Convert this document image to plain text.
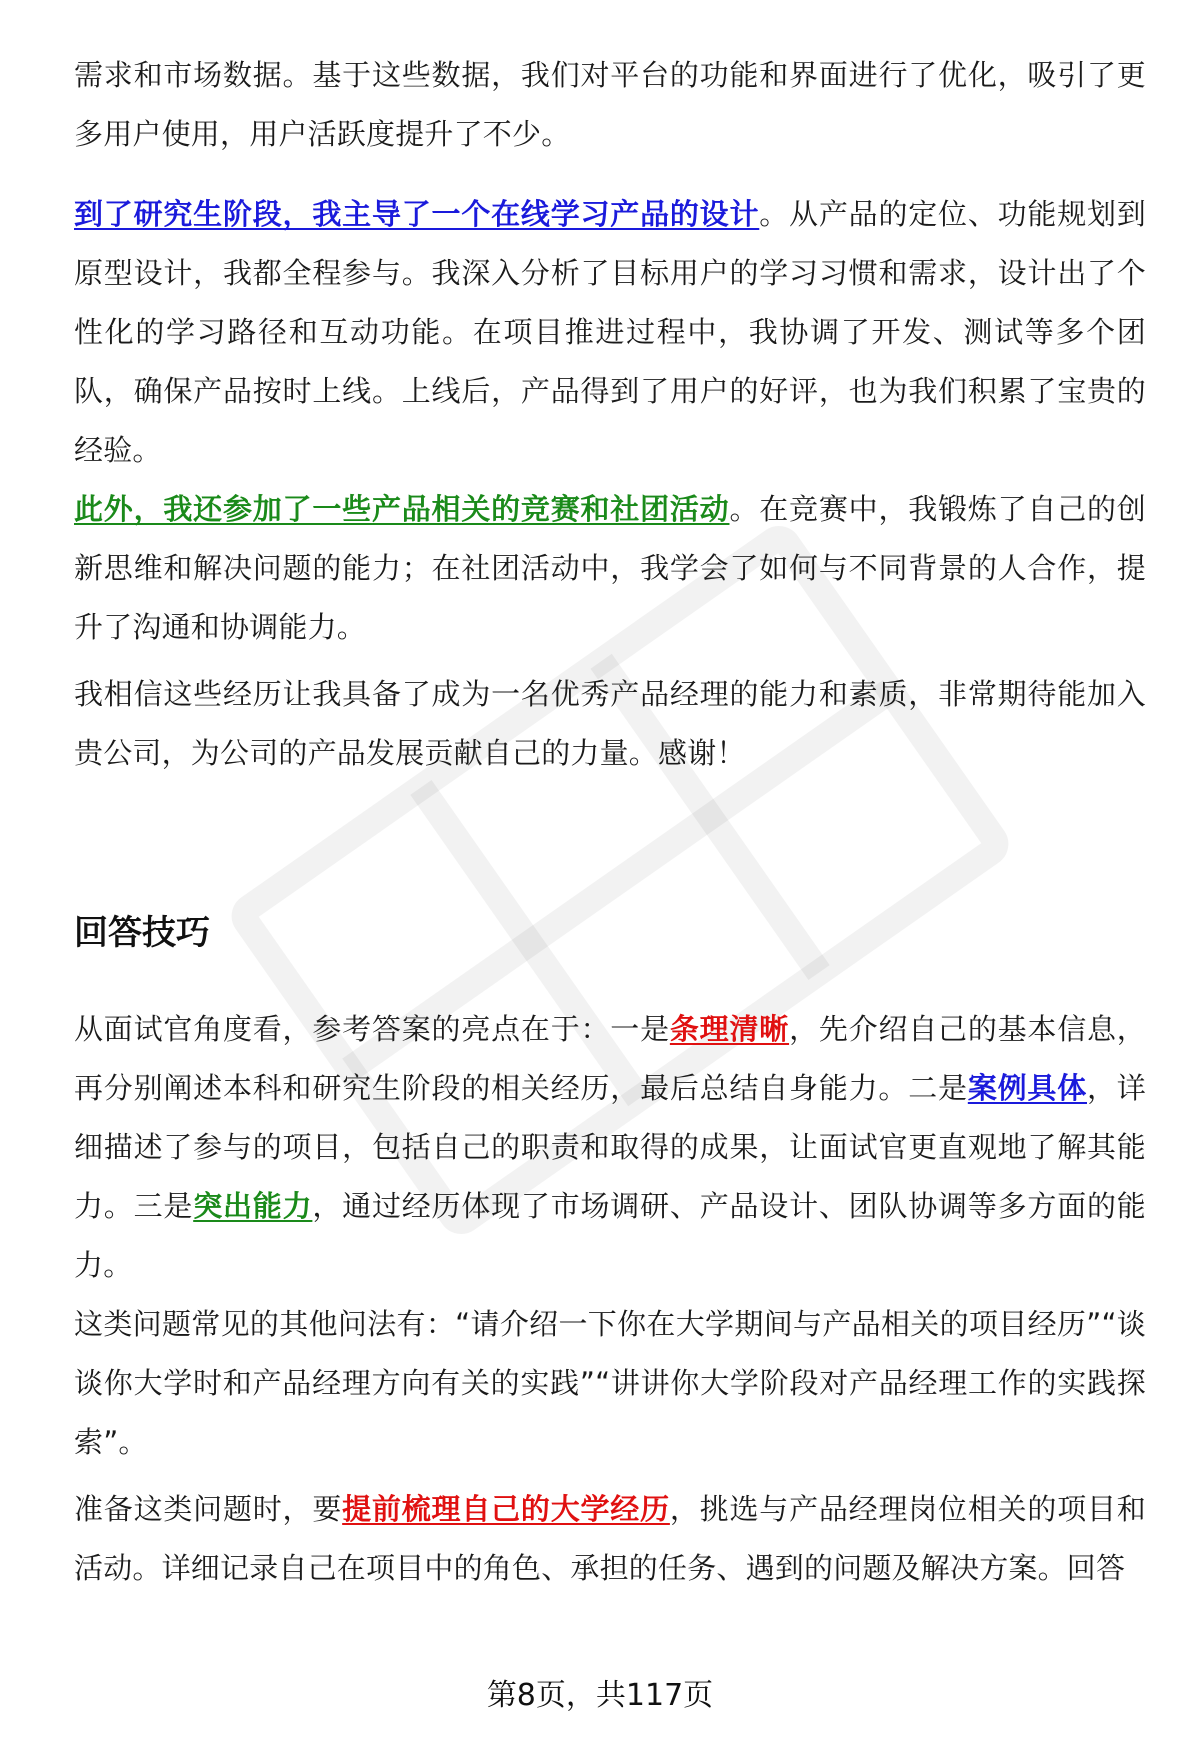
需求和市场数据。基于这些数据，我们对平台的功能和界面进行了优化，吸引了更多用户使用，用户活跃度提升了不少。

到了研究生阶段，我主导了一个在线学习产品的设计。从产品的定位、功能规划到原型设计，我都全程参与。我深入分析了目标用户的学习习惯和需求，设计出了个性化的学习路径和互动功能。在项目推进过程中，我协调了开发、测试等多个团队，确保产品按时上线。上线后，产品得到了用户的好评，也为我们积累了宝贵的经验。

此外，我还参加了一些产品相关的竞赛和社团活动。在竞赛中，我锻炼了自己的创新思维和解决问题的能力；在社团活动中，我学会了如何与不同背景的人合作，提升了沟通和协调能力。

我相信这些经历让我具备了成为一名优秀产品经理的能力和素质，非常期待能加入贵公司，为公司的产品发展贡献自己的力量。感谢！

回答技巧

从面试官角度看，参考答案的亮点在于：一是条理清晰，先介绍自己的基本信息，再分别阐述本科和研究生阶段的相关经历，最后总结自身能力。二是案例具体，详细描述了参与的项目，包括自己的职责和取得的成果，让面试官更直观地了解其能力。三是突出能力，通过经历体现了市场调研、产品设计、团队协调等多方面的能力。

这类问题常见的其他问法有：“请介绍一下你在大学期间与产品相关的项目经历”“谈谈你大学时和产品经理方向有关的实践”“讲讲你大学阶段对产品经理工作的实践探索”。

准备这类问题时，要提前梳理自己的大学经历，挑选与产品经理岗位相关的项目和活动。详细记录自己在项目中的角色、承担的任务、遇到的问题及解决方案。回答

第8页，共117页
